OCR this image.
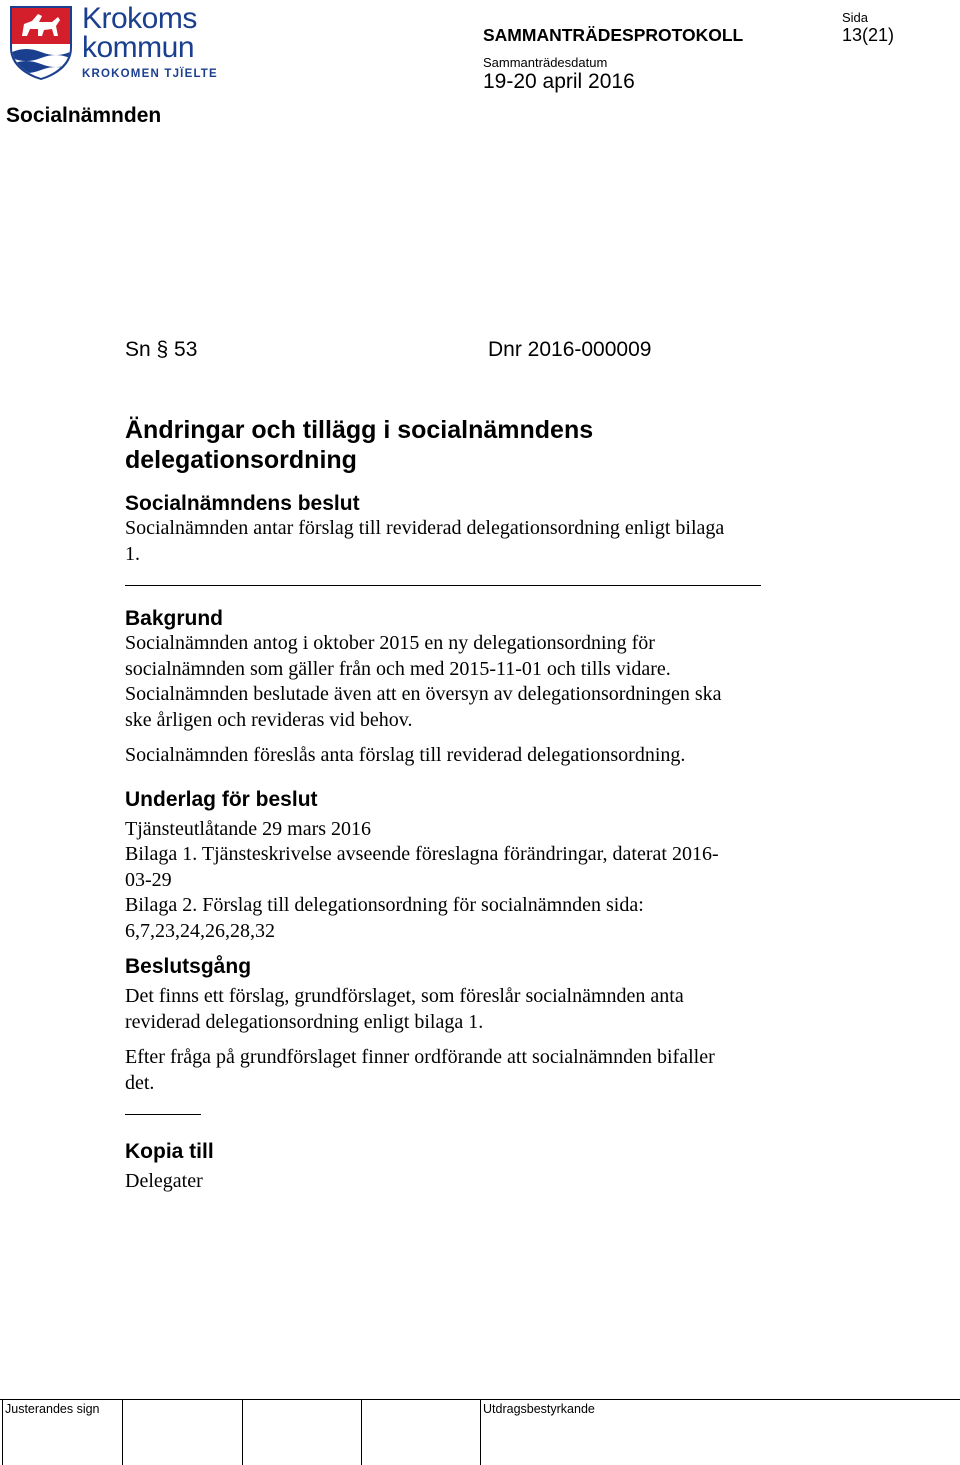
Krokoms
kommun
KROKOMEN TJÏELTE
SAMMANTRÄDESPROTOKOLL
Sammanträdesdatum
19-20 april 2016
Sida
13(21)
Socialnämnden
Sn § 53	Dnr 2016-000009
Ändringar och tillägg i socialnämndens
delegationsordning
Socialnämndens beslut

Socialnämnden antar förslag till reviderad delegationsordning enligt bilaga

1.

Bakgrund

Socialnämnden antog i oktober 2015 en ny delegationsordning för

socialnämnden som gäller från och med 2015-11-01 och tills vidare.

Socialnämnden beslutade även att en översyn av delegationsordningen ska

ske årligen och revideras vid behov.

Socialnämnden föreslås anta förslag till reviderad delegationsordning.

Underlag för beslut

Tjänsteutlåtande 29 mars 2016

Bilaga 1. Tjänsteskrivelse avseende föreslagna förändringar, daterat 2016-

03-29

Bilaga 2. Förslag till delegationsordning för socialnämnden sida:

6,7,23,24,26,28,32

Beslutsgång

Det finns ett förslag, grundförslaget, som föreslår socialnämnden anta

reviderad delegationsordning enligt bilaga 1.

Efter fråga på grundförslaget finner ordförande att socialnämnden bifaller

det.

Kopia till

Delegater

Justerandes sign	Utdragsbestyrkande
